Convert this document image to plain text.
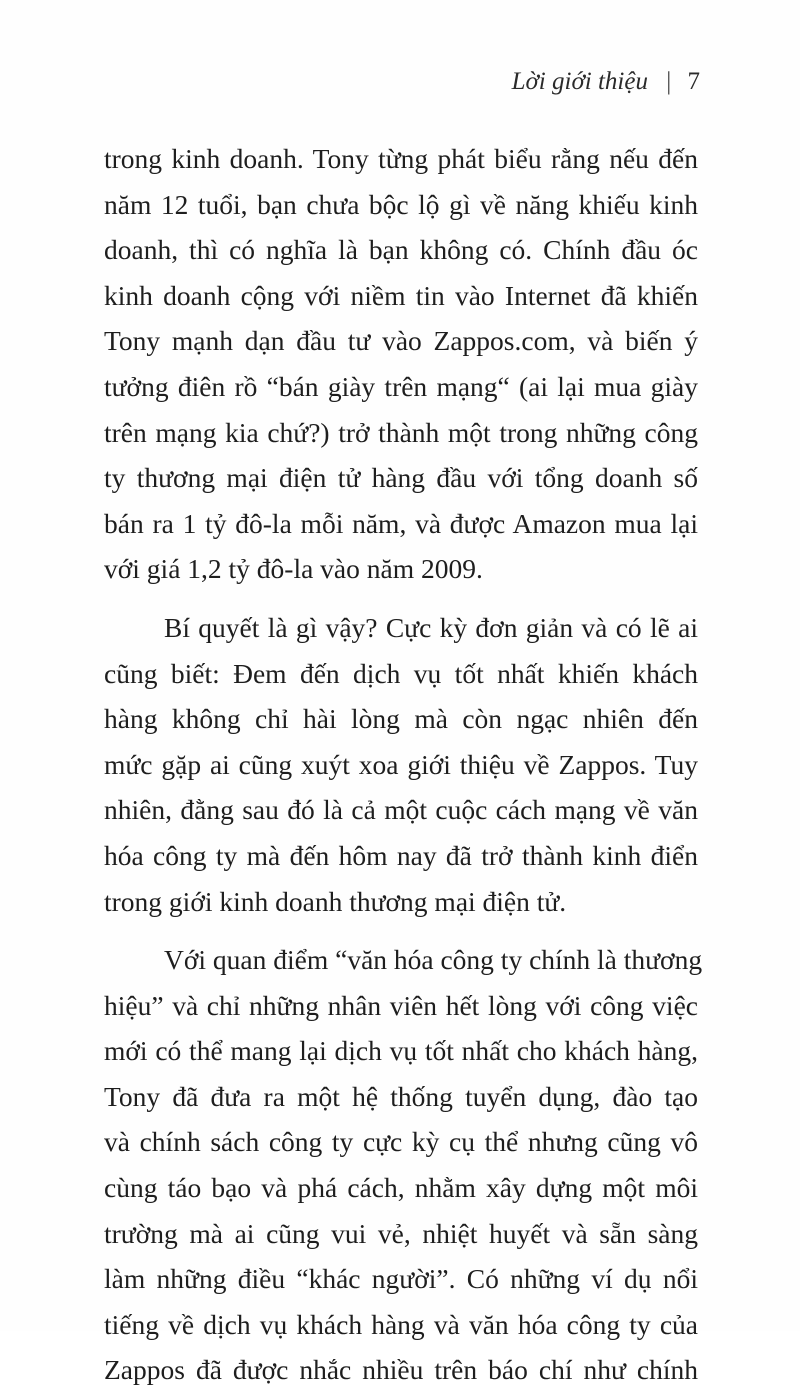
Lời giới thiệu | 7

trong kinh doanh. Tony từng phát biểu rằng nếu đến
năm 12 tuổi, bạn chưa bộc lộ gì về năng khiếu kinh
doanh, thì có nghĩa là bạn không có. Chính đầu óc
kinh doanh cộng với niềm tin vào Internet đã khiến
Tony mạnh dạn đầu tư vào Zappos.com, và biến ý
tưởng điên rồ “bán giày trên mạng“ (ai lại mua giày
trên mạng kia chứ?) trở thành một trong những công
ty thương mại điện tử hàng đầu với tổng doanh số
bán ra 1 tỷ đô-la mỗi năm, và được Amazon mua lại
với giá 1,2 tỷ đô-la vào năm 2009.

Bí quyết là gì vậy? Cực kỳ đơn giản và có lẽ ai
cũng biết: Đem đến dịch vụ tốt nhất khiến khách
hàng không chỉ hài lòng mà còn ngạc nhiên đến
mức gặp ai cũng xuýt xoa giới thiệu về Zappos. Tuy
nhiên, đằng sau đó là cả một cuộc cách mạng về văn
hóa công ty mà đến hôm nay đã trở thành kinh điển
trong giới kinh doanh thương mại điện tử.

Với quan điểm “văn hóa công ty chính là thương
hiệu” và chỉ những nhân viên hết lòng với công việc
mới có thể mang lại dịch vụ tốt nhất cho khách hàng,
Tony đã đưa ra một hệ thống tuyển dụng, đào tạo
và chính sách công ty cực kỳ cụ thể nhưng cũng vô
cùng táo bạo và phá cách, nhằm xây dựng một môi
trường mà ai cũng vui vẻ, nhiệt huyết và sẵn sàng
làm những điều “khác người”. Có những ví dụ nổi
tiếng về dịch vụ khách hàng và văn hóa công ty của
Zappos đã được nhắc nhiều trên báo chí như chính
